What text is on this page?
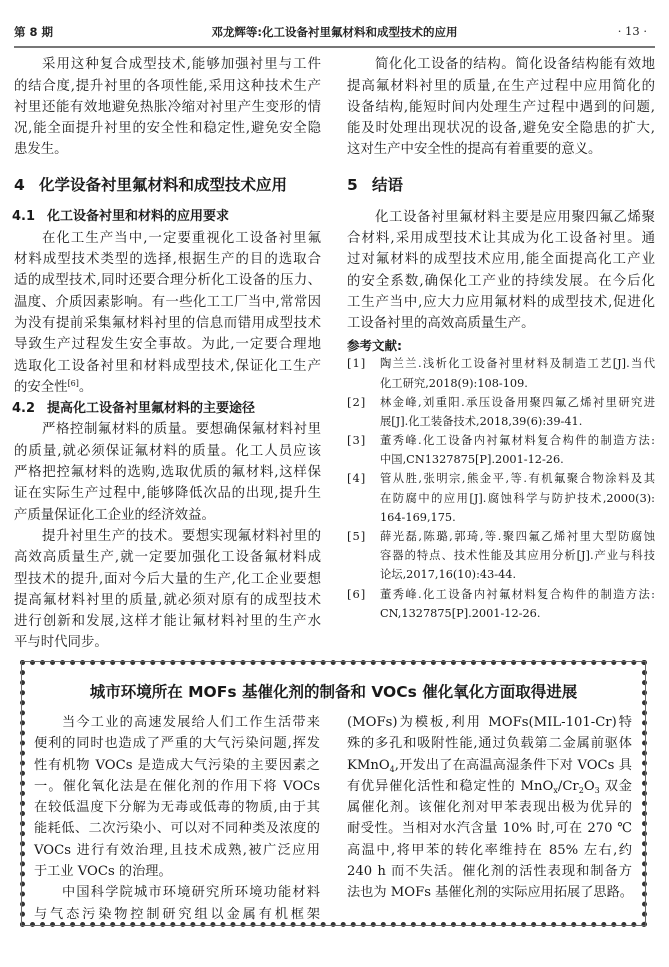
第 8 期	邓龙辉等:化工设备衬里氟材料和成型技术的应用	· 13 ·
采用这种复合成型技术,能够加强衬里与工件
的结合度,提升衬里的各项性能,采用这种技术生产
衬里还能有效地避免热胀冷缩对衬里产生变形的情
况,能全面提升衬里的安全性和稳定性,避免安全隐
患发生。
4 化学设备衬里氟材料和成型技术应用
4.1 化工设备衬里和材料的应用要求
在化工生产当中,一定要重视化工设备衬里氟
材料成型技术类型的选择,根据生产的目的选取合
适的成型技术,同时还要合理分析化工设备的压力、
温度、介质因素影响。有一些化工工厂当中,常常因
为没有提前采集氟材料衬里的信息而错用成型技术
导致生产过程发生安全事故。为此,一定要合理地
选取化工设备衬里和材料成型技术,保证化工生产
的安全性[6]。
4.2 提高化工设备衬里氟材料的主要途径
严格控制氟材料的质量。要想确保氟材料衬里
的质量,就必须保证氟材料的质量。化工人员应该
严格把控氟材料的选购,选取优质的氟材料,这样保
证在实际生产过程中,能够降低次品的出现,提升生
产质量保证化工企业的经济效益。
提升衬里生产的技术。要想实现氟材料衬里的
高效高质量生产,就一定要加强化工设备氟材料成
型技术的提升,面对今后大量的生产,化工企业要想
提高氟材料衬里的质量,就必须对原有的成型技术
进行创新和发展,这样才能让氟材料衬里的生产水
平与时代同步。
简化化工设备的结构。简化设备结构能有效地
提高氟材料衬里的质量,在生产过程中应用简化的
设备结构,能短时间内处理生产过程中遇到的问题,
能及时处理出现状况的设备,避免安全隐患的扩大,
这对生产中安全性的提高有着重要的意义。
5 结语
化工设备衬里氟材料主要是应用聚四氟乙烯聚
合材料,采用成型技术让其成为化工设备衬里。通
过对氟材料的成型技术应用,能全面提高化工产业
的安全系数,确保化工产业的持续发展。在今后化
工生产当中,应大力应用氟材料的成型技术,促进化
工设备衬里的高效高质量生产。
参考文献:
[1] 陶兰兰.浅析化工设备衬里材料及制造工艺[J].当代
化工研究,2018(9):108-109.
[2] 林金峰,刘重阳.承压设备用聚四氟乙烯衬里研究进
展[J].化工装备技术,2018,39(6):39-41.
[3] 董秀峰.化工设备内衬氟材料复合构件的制造方法:
中国,CN1327875[P].2001-12-26.
[4] 管从胜,张明宗,熊金平,等.有机氟聚合物涂料及其
在防腐中的应用[J].腐蚀科学与防护技术,2000(3):
164-169,175.
[5] 薛光磊,陈璐,郭琦,等.聚四氟乙烯衬里大型防腐蚀
容器的特点、技术性能及其应用分析[J].产业与科技
论坛,2017,16(10):43-44.
[6] 董秀峰.化工设备内衬氟材料复合构件的制造方法:
CN,1327875[P].2001-12-26.
城市环境所在 MOFs 基催化剂的制备和 VOCs 催化氧化方面取得进展
当今工业的高速发展给人们工作生活带来
便利的同时也造成了严重的大气污染问题,挥发
性有机物 VOCs 是造成大气污染的主要因素之
一。催化氧化法是在催化剂的作用下将 VOCs
在较低温度下分解为无毒或低毒的物质,由于其
能耗低、二次污染小、可以对不同种类及浓度的
VOCs 进行有效治理,且技术成熟,被广泛应用
于工业 VOCs 的治理。
中国科学院城市环境研究所环境功能材料
与气态污染物控制研究组以金属有机框架
(MOFs)为模板,利用 MOFs(MIL-101-Cr)特
殊的多孔和吸附性能,通过负载第二金属前驱体
KMnO$_4$,开发出了在高温高湿条件下对 VOCs 具
有优异催化活性和稳定性的 $MnO_x/Cr_2O_3$ 双金
属催化剂。该催化剂对甲苯表现出极为优异的
耐受性。当相对水汽含量 10% 时,可在 270 ℃
高温中,将甲苯的转化率维持在 85% 左右,约
240 h 而不失活。催化剂的活性表现和制备方
法也为 MOFs 基催化剂的实际应用拓展了思路。
